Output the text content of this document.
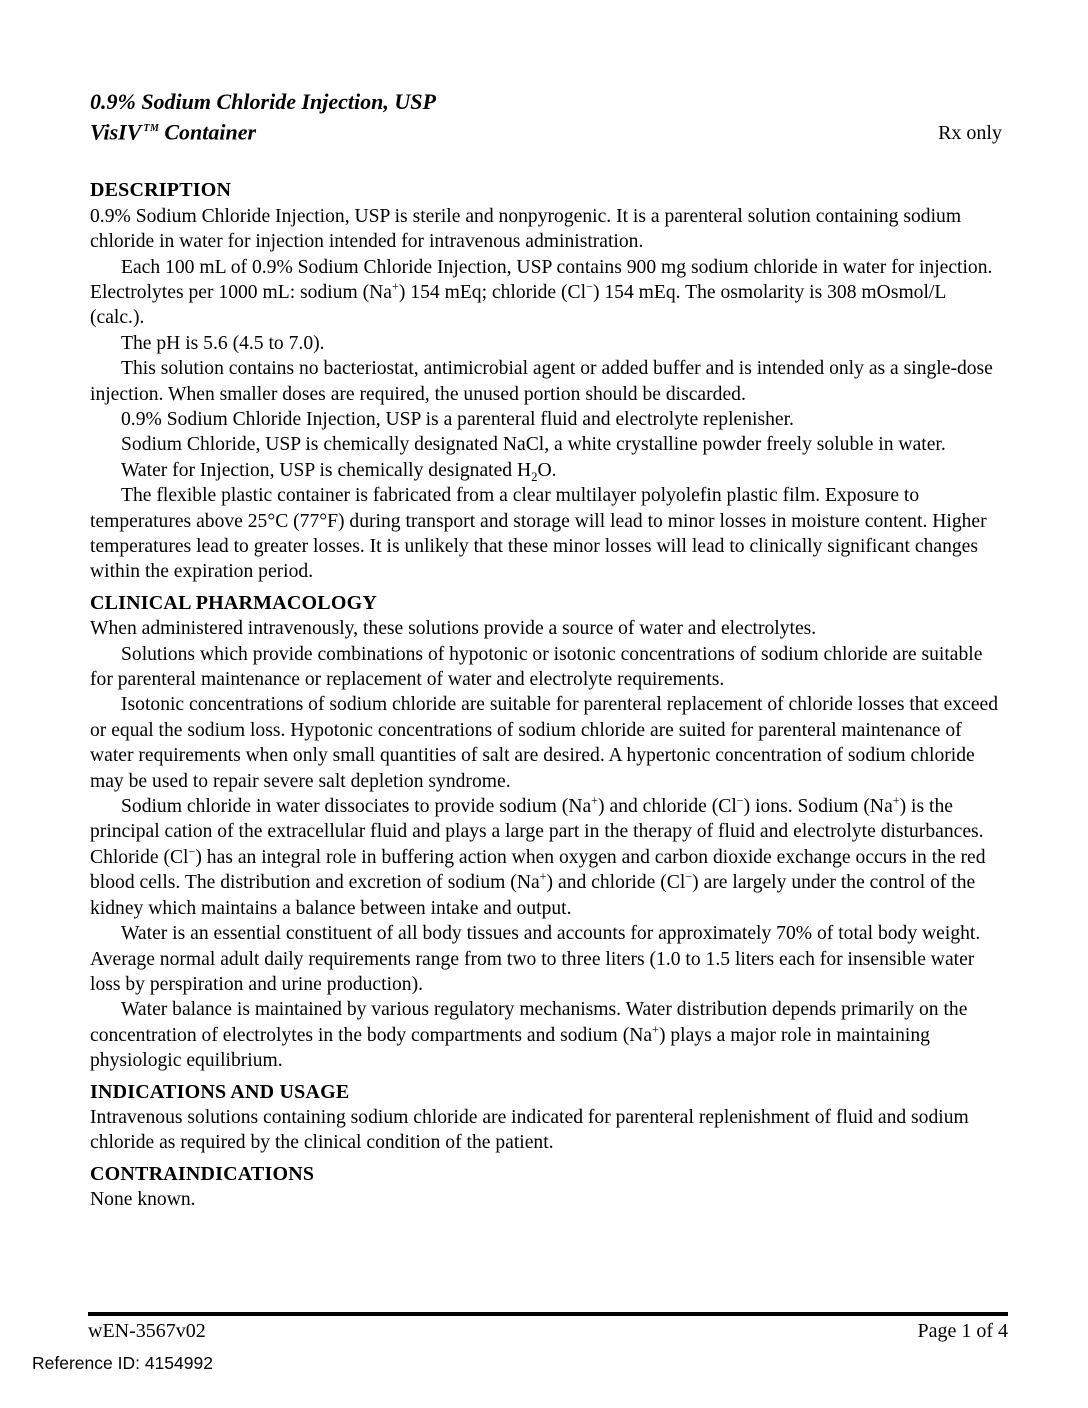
0.9% Sodium Chloride Injection, USP
VisIV ™ Container	Rx only
DESCRIPTION

0.9% Sodium Chloride Injection, USP is sterile and nonpyrogenic. It is a parenteral solution containing sodium chloride in water for injection intended for intravenous administration.

Each 100 mL of 0.9% Sodium Chloride Injection, USP contains 900 mg sodium chloride in water for injection. Electrolytes per 1000 mL: sodium (Na+) 154 mEq; chloride (Cl−) 154 mEq. The osmolarity is 308 mOsmol/L (calc.).

The pH is 5.6 (4.5 to 7.0).

This solution contains no bacteriostat, antimicrobial agent or added buffer and is intended only as a single-dose injection. When smaller doses are required, the unused portion should be discarded.

0.9% Sodium Chloride Injection, USP is a parenteral fluid and electrolyte replenisher.

Sodium Chloride, USP is chemically designated NaCl, a white crystalline powder freely soluble in water.

Water for Injection, USP is chemically designated $H_2O$.

The flexible plastic container is fabricated from a clear multilayer polyolefin plastic film. Exposure to temperatures above 25°C (77°F) during transport and storage will lead to minor losses in moisture content. Higher temperatures lead to greater losses. It is unlikely that these minor losses will lead to clinically significant changes within the expiration period.

CLINICAL PHARMACOLOGY

When administered intravenously, these solutions provide a source of water and electrolytes.

Solutions which provide combinations of hypotonic or isotonic concentrations of sodium chloride are suitable for parenteral maintenance or replacement of water and electrolyte requirements.

Isotonic concentrations of sodium chloride are suitable for parenteral replacement of chloride losses that exceed or equal the sodium loss. Hypotonic concentrations of sodium chloride are suited for parenteral maintenance of water requirements when only small quantities of salt are desired. A hypertonic concentration of sodium chloride may be used to repair severe salt depletion syndrome.

Sodium chloride in water dissociates to provide sodium (Na+) and chloride (Cl−) ions. Sodium (Na+) is the principal cation of the extracellular fluid and plays a large part in the therapy of fluid and electrolyte disturbances. Chloride (Cl−) has an integral role in buffering action when oxygen and carbon dioxide exchange occurs in the red blood cells. The distribution and excretion of sodium (Na+) and chloride (Cl−) are largely under the control of the kidney which maintains a balance between intake and output.

Water is an essential constituent of all body tissues and accounts for approximately 70% of total body weight. Average normal adult daily requirements range from two to three liters (1.0 to 1.5 liters each for insensible water loss by perspiration and urine production).

Water balance is maintained by various regulatory mechanisms. Water distribution depends primarily on the concentration of electrolytes in the body compartments and sodium (Na+) plays a major role in maintaining physiologic equilibrium.

INDICATIONS AND USAGE

Intravenous solutions containing sodium chloride are indicated for parenteral replenishment of fluid and sodium chloride as required by the clinical condition of the patient.

CONTRAINDICATIONS

None known.

wEN-3567v02	Page 1 of 4
Reference ID: 4154992
